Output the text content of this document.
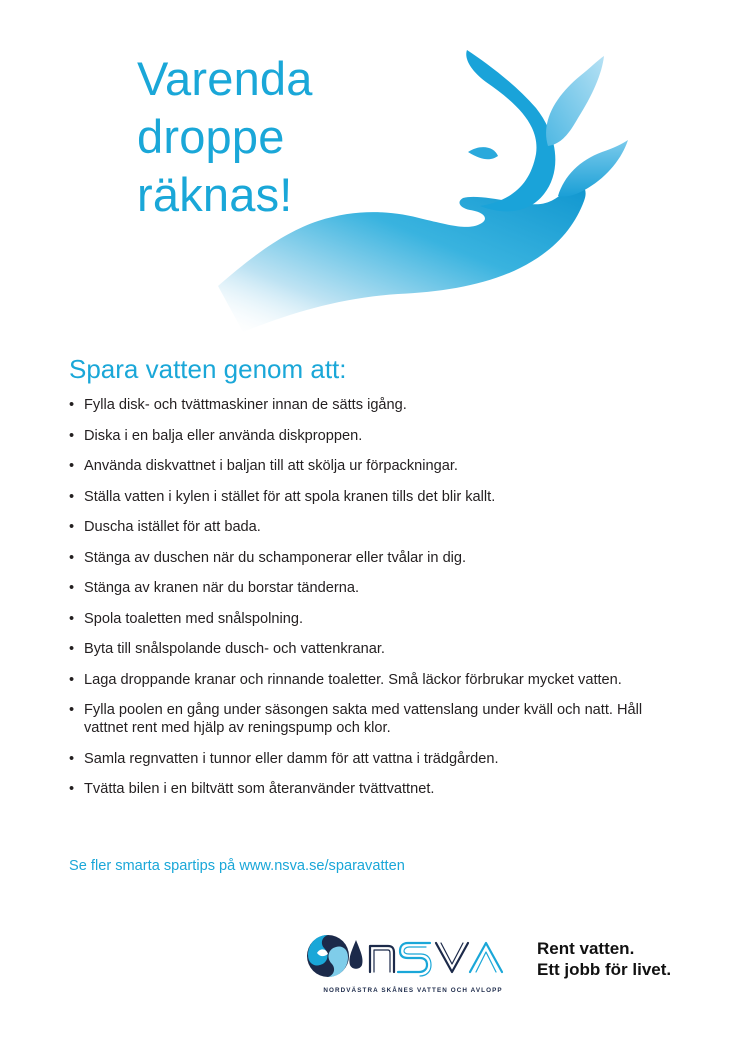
Varenda
droppe
räknas!
Spara vatten genom att:
• Fylla disk- och tvättmaskiner innan de sätts igång.
• Diska i en balja eller använda diskproppen.
• Använda diskvattnet i baljan till att skölja ur förpackningar.
• Ställa vatten i kylen i stället för att spola kranen tills det blir kallt.
• Duscha istället för att bada.
• Stänga av duschen när du schamponerar eller tvålar in dig.
• Stänga av kranen när du borstar tänderna.
• Spola toaletten med snålspolning.
• Byta till snålspolande dusch- och vattenkranar.
• Laga droppande kranar och rinnande toaletter. Små läckor förbrukar mycket vatten.
• Fylla poolen en gång under säsongen sakta med vattenslang under kväll och natt. Håll vattnet rent med hjälp av reningspump och klor.
• Samla regnvatten i tunnor eller damm för att vattna i trädgården.
• Tvätta bilen i en biltvätt som återanvänder tvättvattnet.
Se fler smarta spartips på www.nsva.se/sparavatten
NORDVÄSTRA SKÅNES VATTEN OCH AVLOPP
Rent vatten.
Ett jobb för livet.
